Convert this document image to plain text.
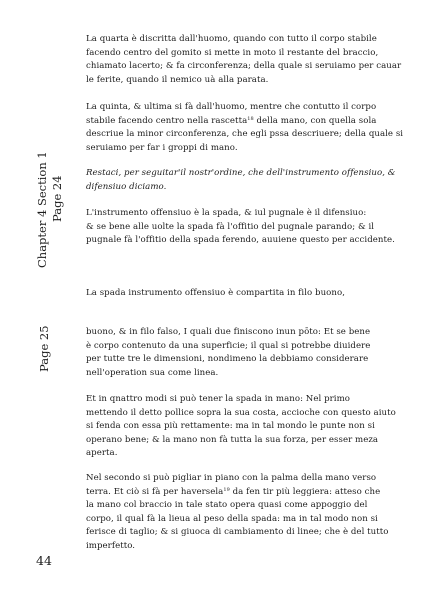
La quarta è discritta dall'huomo, quando con tutto il corpo stabile
facendo centro del gomito si mette in moto il restante del braccio,
chiamato lacerto; & fa circonferenza; della quale si seruiamo per cauar
le ferite, quando il nemico uà alla parata.

La quinta, & ultima si fà dall'huomo, mentre che contutto il corpo
stabile facendo centro nella rascetta$^{18}$ della mano, con quella sola
descriue la minor circonferenza, che egli pssa descriuere; della quale si
seruiamo per far i groppi di mano.

Restaci, per seguitar'il nostr'ordine, che dell'instrumento offensiuo, &
difensiuo diciamo.

L'instrumento offensiuo è la spada, & iul pugnale è il difensiuo:
& se bene alle uolte la spada fà l'offitio del pugnale parando; & il
pugnale fà l'offitio della spada ferendo, auuiene questo per accidente.

La spada instrumento offensiuo è compartita in filo buono,

buono, & in filo falso, I quali due finiscono inun pōto: Et se bene
è corpo contenuto da una superficie; il qual si potrebbe diuidere
per tutte tre le dimensioni, nondimeno la debbiamo considerare
nell'operation sua come linea.

Et in qnattro modi si può tener la spada in mano: Nel primo
mettendo il detto pollice sopra la sua costa, accioche con questo aiuto
si fenda con essa più rettamente: ma in tal mondo le punte non si
operano bene; & la mano non fà tutta la sua forza, per esser meza
aperta.

Nel secondo si può pigliar in piano con la palma della mano verso
terra. Et ciò si fà per haversela$^{19}$ da fen tir più leggiera: atteso che
la mano col braccio in tale stato opera quasi come appoggio del
corpo, il qual fà la lieua al peso della spada: ma in tal modo non si
ferisce di taglio; & si giuoca di cambiamento di linee; che è del tutto
imperfetto.

Chapter 4 Section 1 Page 24
Page 25
44
